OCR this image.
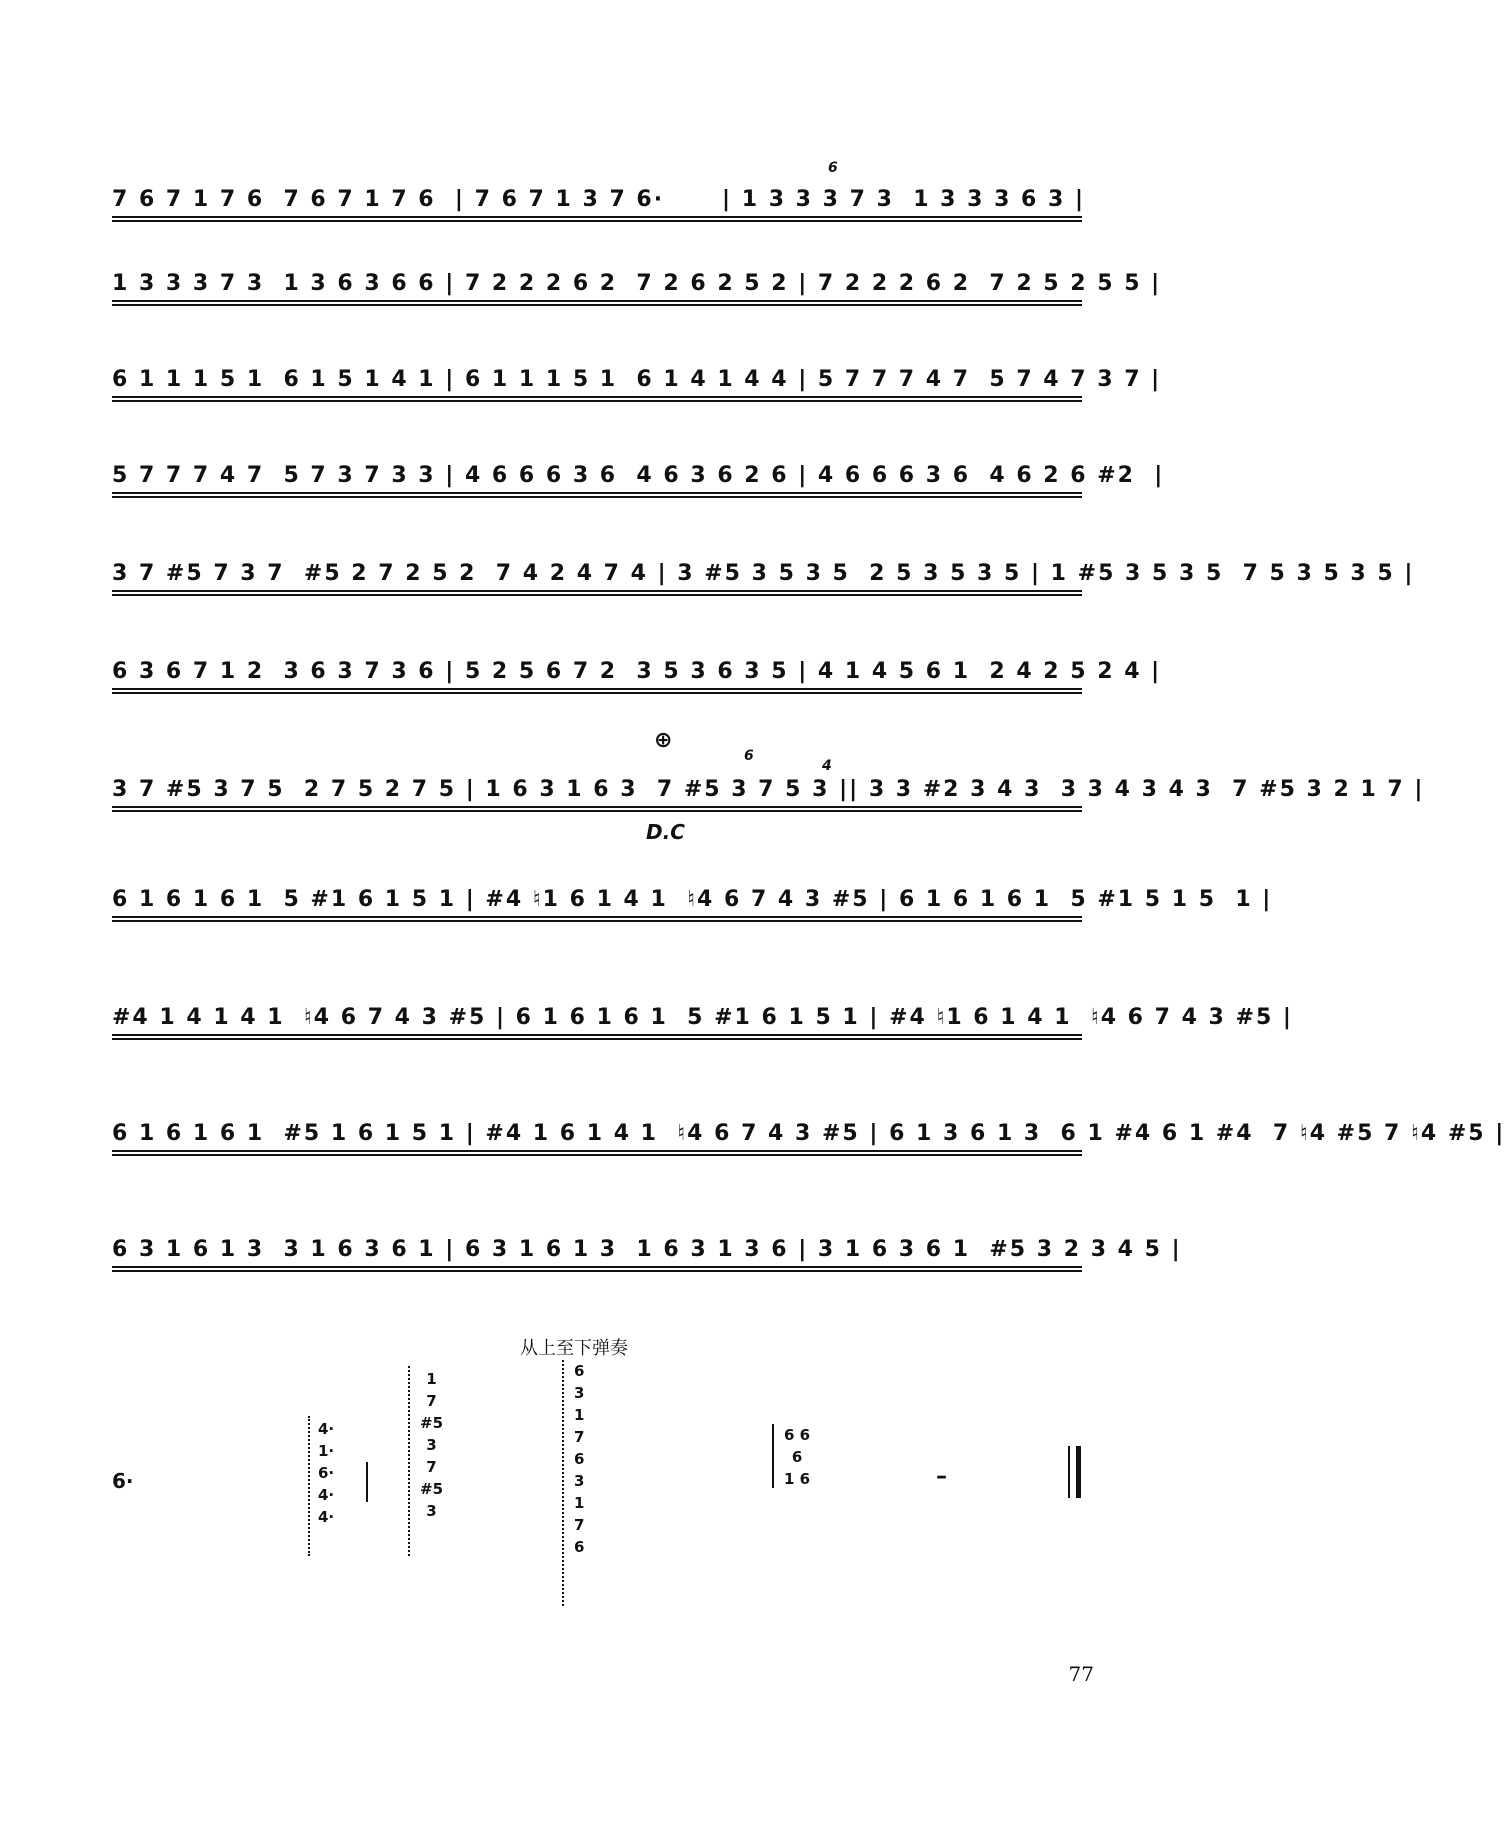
7 6 7 1 7 6  7 6 7 1 7 6  | 7 6 7 1 3 7 6·      | 1 3 3 3 7 3  1 3 3 3 6 3 |
6
1 3 3 3 7 3  1 3 6 3 6 6 | 7 2 2 2 6 2  7 2 6 2 5 2 | 7 2 2 2 6 2  7 2 5 2 5 5 |
6 1 1 1 5 1  6 1 5 1 4 1 | 6 1 1 1 5 1  6 1 4 1 4 4 | 5 7 7 7 4 7  5 7 4 7 3 7 |
5 7 7 7 4 7  5 7 3 7 3 3 | 4 6 6 6 3 6  4 6 3 6 2 6 | 4 6 6 6 3 6  4 6 2 6 #2  |
3 7 #5 7 3 7  #5 2 7 2 5 2  7 4 2 4 7 4 | 3 #5 3 5 3 5  2 5 3 5 3 5 | 1 #5 3 5 3 5  7 5 3 5 3 5 |
6 3 6 7 1 2  3 6 3 7 3 6 | 5 2 5 6 7 2  3 5 3 6 3 5 | 4 1 4 5 6 1  2 4 2 5 2 4 |
⊕
6
4
3 7 #5 3 7 5  2 7 5 2 7 5 | 1 6 3 1 6 3  7 #5 3 7 5 3 || 3 3 #2 3 4 3  3 3 4 3 4 3  7 #5 3 2 1 7 |
D.C
6 1 6 1 6 1  5 #1 6 1 5 1 | #4 ♮1 6 1 4 1  ♮4 6 7 4 3 #5 | 6 1 6 1 6 1  5 #1 5 1 5  1 |
#4 1 4 1 4 1  ♮4 6 7 4 3 #5 | 6 1 6 1 6 1  5 #1 6 1 5 1 | #4 ♮1 6 1 4 1  ♮4 6 7 4 3 #5 |
6 1 6 1 6 1  #5 1 6 1 5 1 | #4 1 6 1 4 1  ♮4 6 7 4 3 #5 | 6 1 3 6 1 3  6 1 #4 6 1 #4  7 ♮4 #5 7 ♮4 #5 |
6 3 1 6 1 3  3 1 6 3 6 1 | 6 3 1 6 1 3  1 6 3 1 3 6 | 3 1 6 3 6 1  #5 3 2 3 4 5 |
从上至下弹奏
6·
4·
1·
6·
4·
4·
1
7
#5
3
7
#5
3
6
3
1
7
6
3
1
7
6
6 6
6
1 6	–
77
